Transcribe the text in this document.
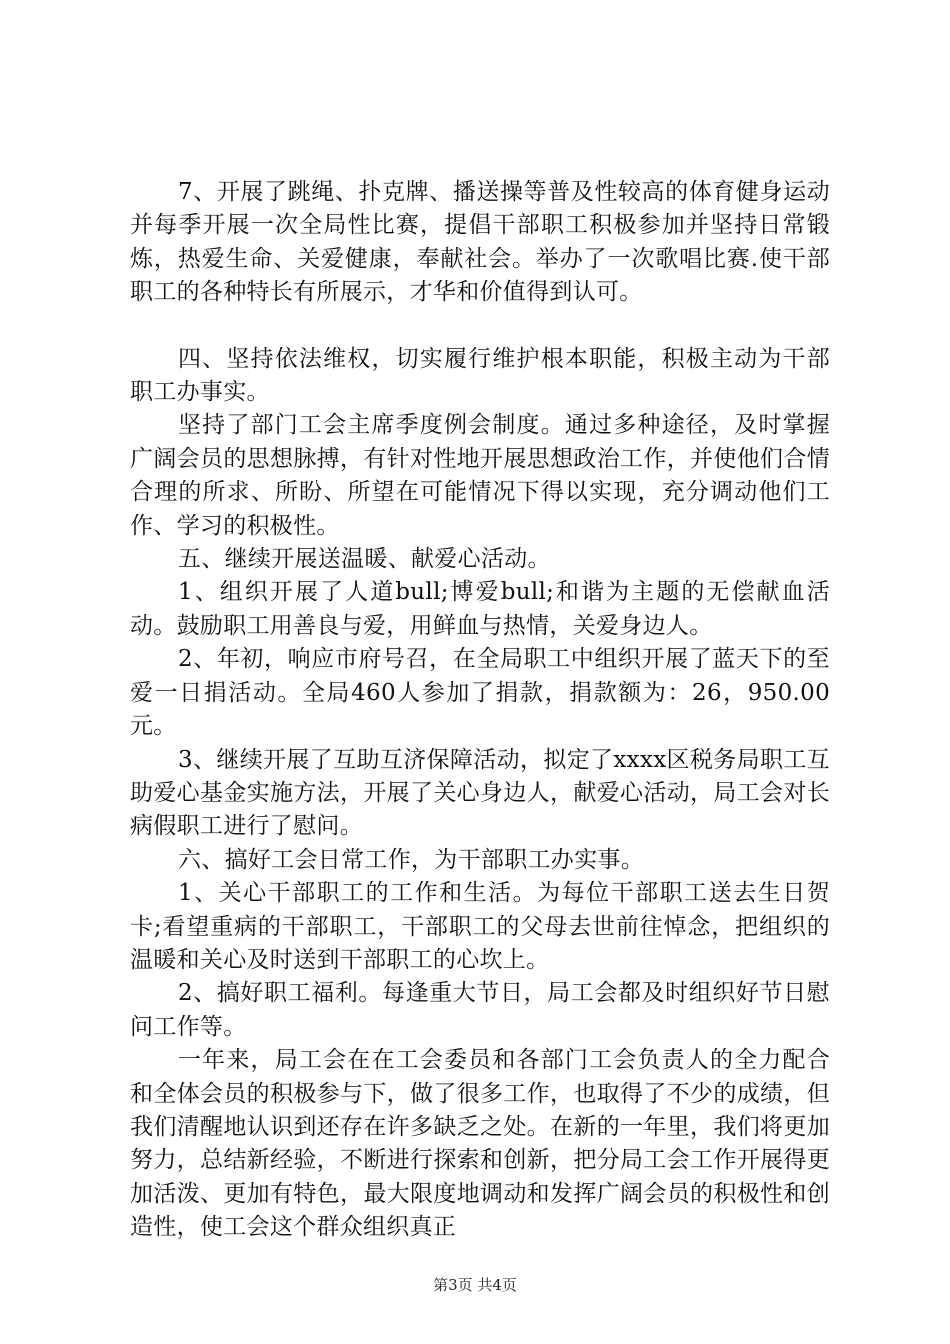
7、开展了跳绳、扑克牌、播送操等普及性较高的体育健身运动并每季开展一次全局性比赛，提倡干部职工积极参加并坚持日常锻炼，热爱生命、关爱健康，奉献社会。举办了一次歌唱比赛.使干部职工的各种特长有所展示，才华和价值得到认可。

四、坚持依法维权，切实履行维护根本职能，积极主动为干部职工办事实。

坚持了部门工会主席季度例会制度。通过多种途径，及时掌握广阔会员的思想脉搏，有针对性地开展思想政治工作，并使他们合情合理的所求、所盼、所望在可能情况下得以实现，充分调动他们工作、学习的积极性。

五、继续开展送温暖、献爱心活动。

1、组织开展了人道bull;博爱bull;和谐为主题的无偿献血活动。鼓励职工用善良与爱，用鲜血与热情，关爱身边人。

2、年初，响应市府号召，在全局职工中组织开展了蓝天下的至爱一日捐活动。全局460人参加了捐款，捐款额为：26，950.00元。

3、继续开展了互助互济保障活动，拟定了xxxx区税务局职工互助爱心基金实施方法，开展了关心身边人，献爱心活动，局工会对长病假职工进行了慰问。

六、搞好工会日常工作，为干部职工办实事。

1、关心干部职工的工作和生活。为每位干部职工送去生日贺卡;看望重病的干部职工，干部职工的父母去世前往悼念，把组织的温暖和关心及时送到干部职工的心坎上。

2、搞好职工福利。每逢重大节日，局工会都及时组织好节日慰问工作等。

一年来，局工会在在工会委员和各部门工会负责人的全力配合和全体会员的积极参与下，做了很多工作，也取得了不少的成绩，但我们清醒地认识到还存在许多缺乏之处。在新的一年里，我们将更加努力，总结新经验，不断进行探索和创新，把分局工会工作开展得更加活泼、更加有特色，最大限度地调动和发挥广阔会员的积极性和创造性，使工会这个群众组织真正

第3页 共4页
